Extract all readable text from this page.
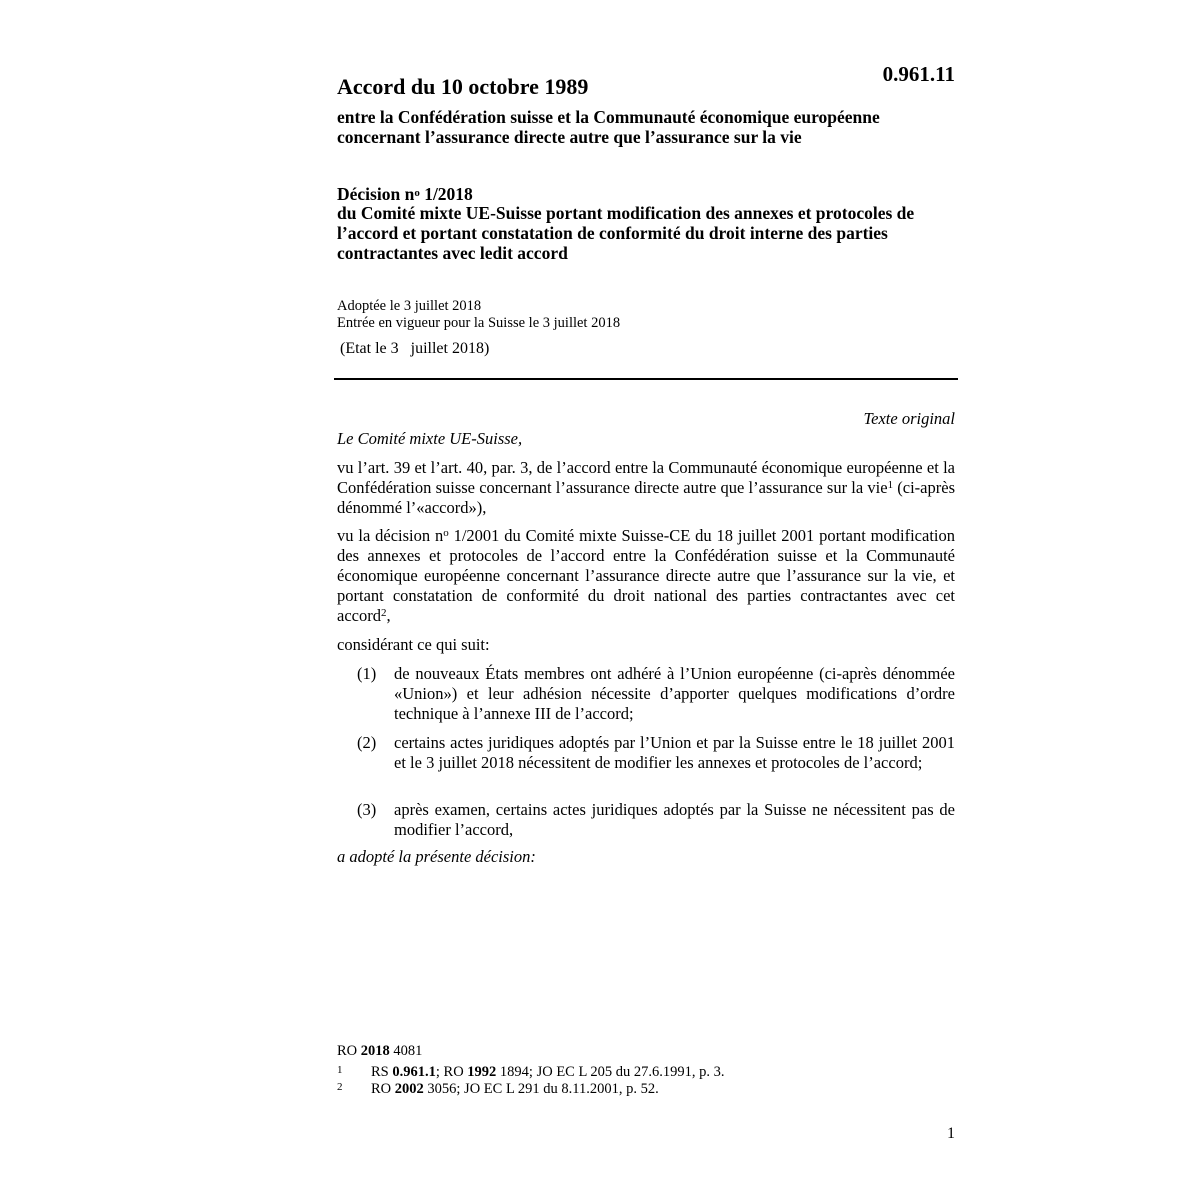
0.961.11
Accord du 10 octobre 1989
entre la Confédération suisse et la Communauté économique européenne concernant l’assurance directe autre que l’assurance sur la vie
Décision $n^o$ 1/2018
du Comité mixte UE-Suisse portant modification des annexes et protocoles de l’accord et portant constatation de conformité du droit interne des parties contractantes avec ledit accord
Adoptée le 3 juillet 2018
Entrée en vigueur pour la Suisse le 3 juillet 2018
(Etat le 3   juillet 2018)
Texte original

Le Comité mixte UE-Suisse,

vu l’art. 39 et l’art. 40, par. 3, de l’accord entre la Communauté économique européenne et la Confédération suisse concernant l’assurance directe autre que l’assurance sur la vie$^1$ (ci-après dénommé l’«accord»),

vu la décision n$^o$ 1/2001 du Comité mixte Suisse-CE du 18 juillet 2001 portant modification des annexes et protocoles de l’accord entre la Confédération suisse et la Communauté économique européenne concernant l’assurance directe autre que l’assurance sur la vie, et portant constatation de conformité du droit national des parties contractantes avec cet accord$^2$,

considérant ce qui suit:

(1)	de nouveaux États membres ont adhéré à l’Union européenne (ci-après dénommée «Union») et leur adhésion nécessite d’apporter quelques modifications d’ordre technique à l’annexe III de l’accord;
(2)	certains actes juridiques adoptés par l’Union et par la Suisse entre le 18 juillet 2001 et le 3 juillet 2018 nécessitent de modifier les annexes et protocoles de l’accord;
(3)	après examen, certains actes juridiques adoptés par la Suisse ne nécessitent pas de modifier l’accord,

a adopté la présente décision:

RO 2018 4081
1 RS 0.961.1; RO 1992 1894; JO EC L 205 du 27.6.1991, p. 3.
2 RO 2002 3056; JO EC L 291 du 8.11.2001, p. 52.
1
